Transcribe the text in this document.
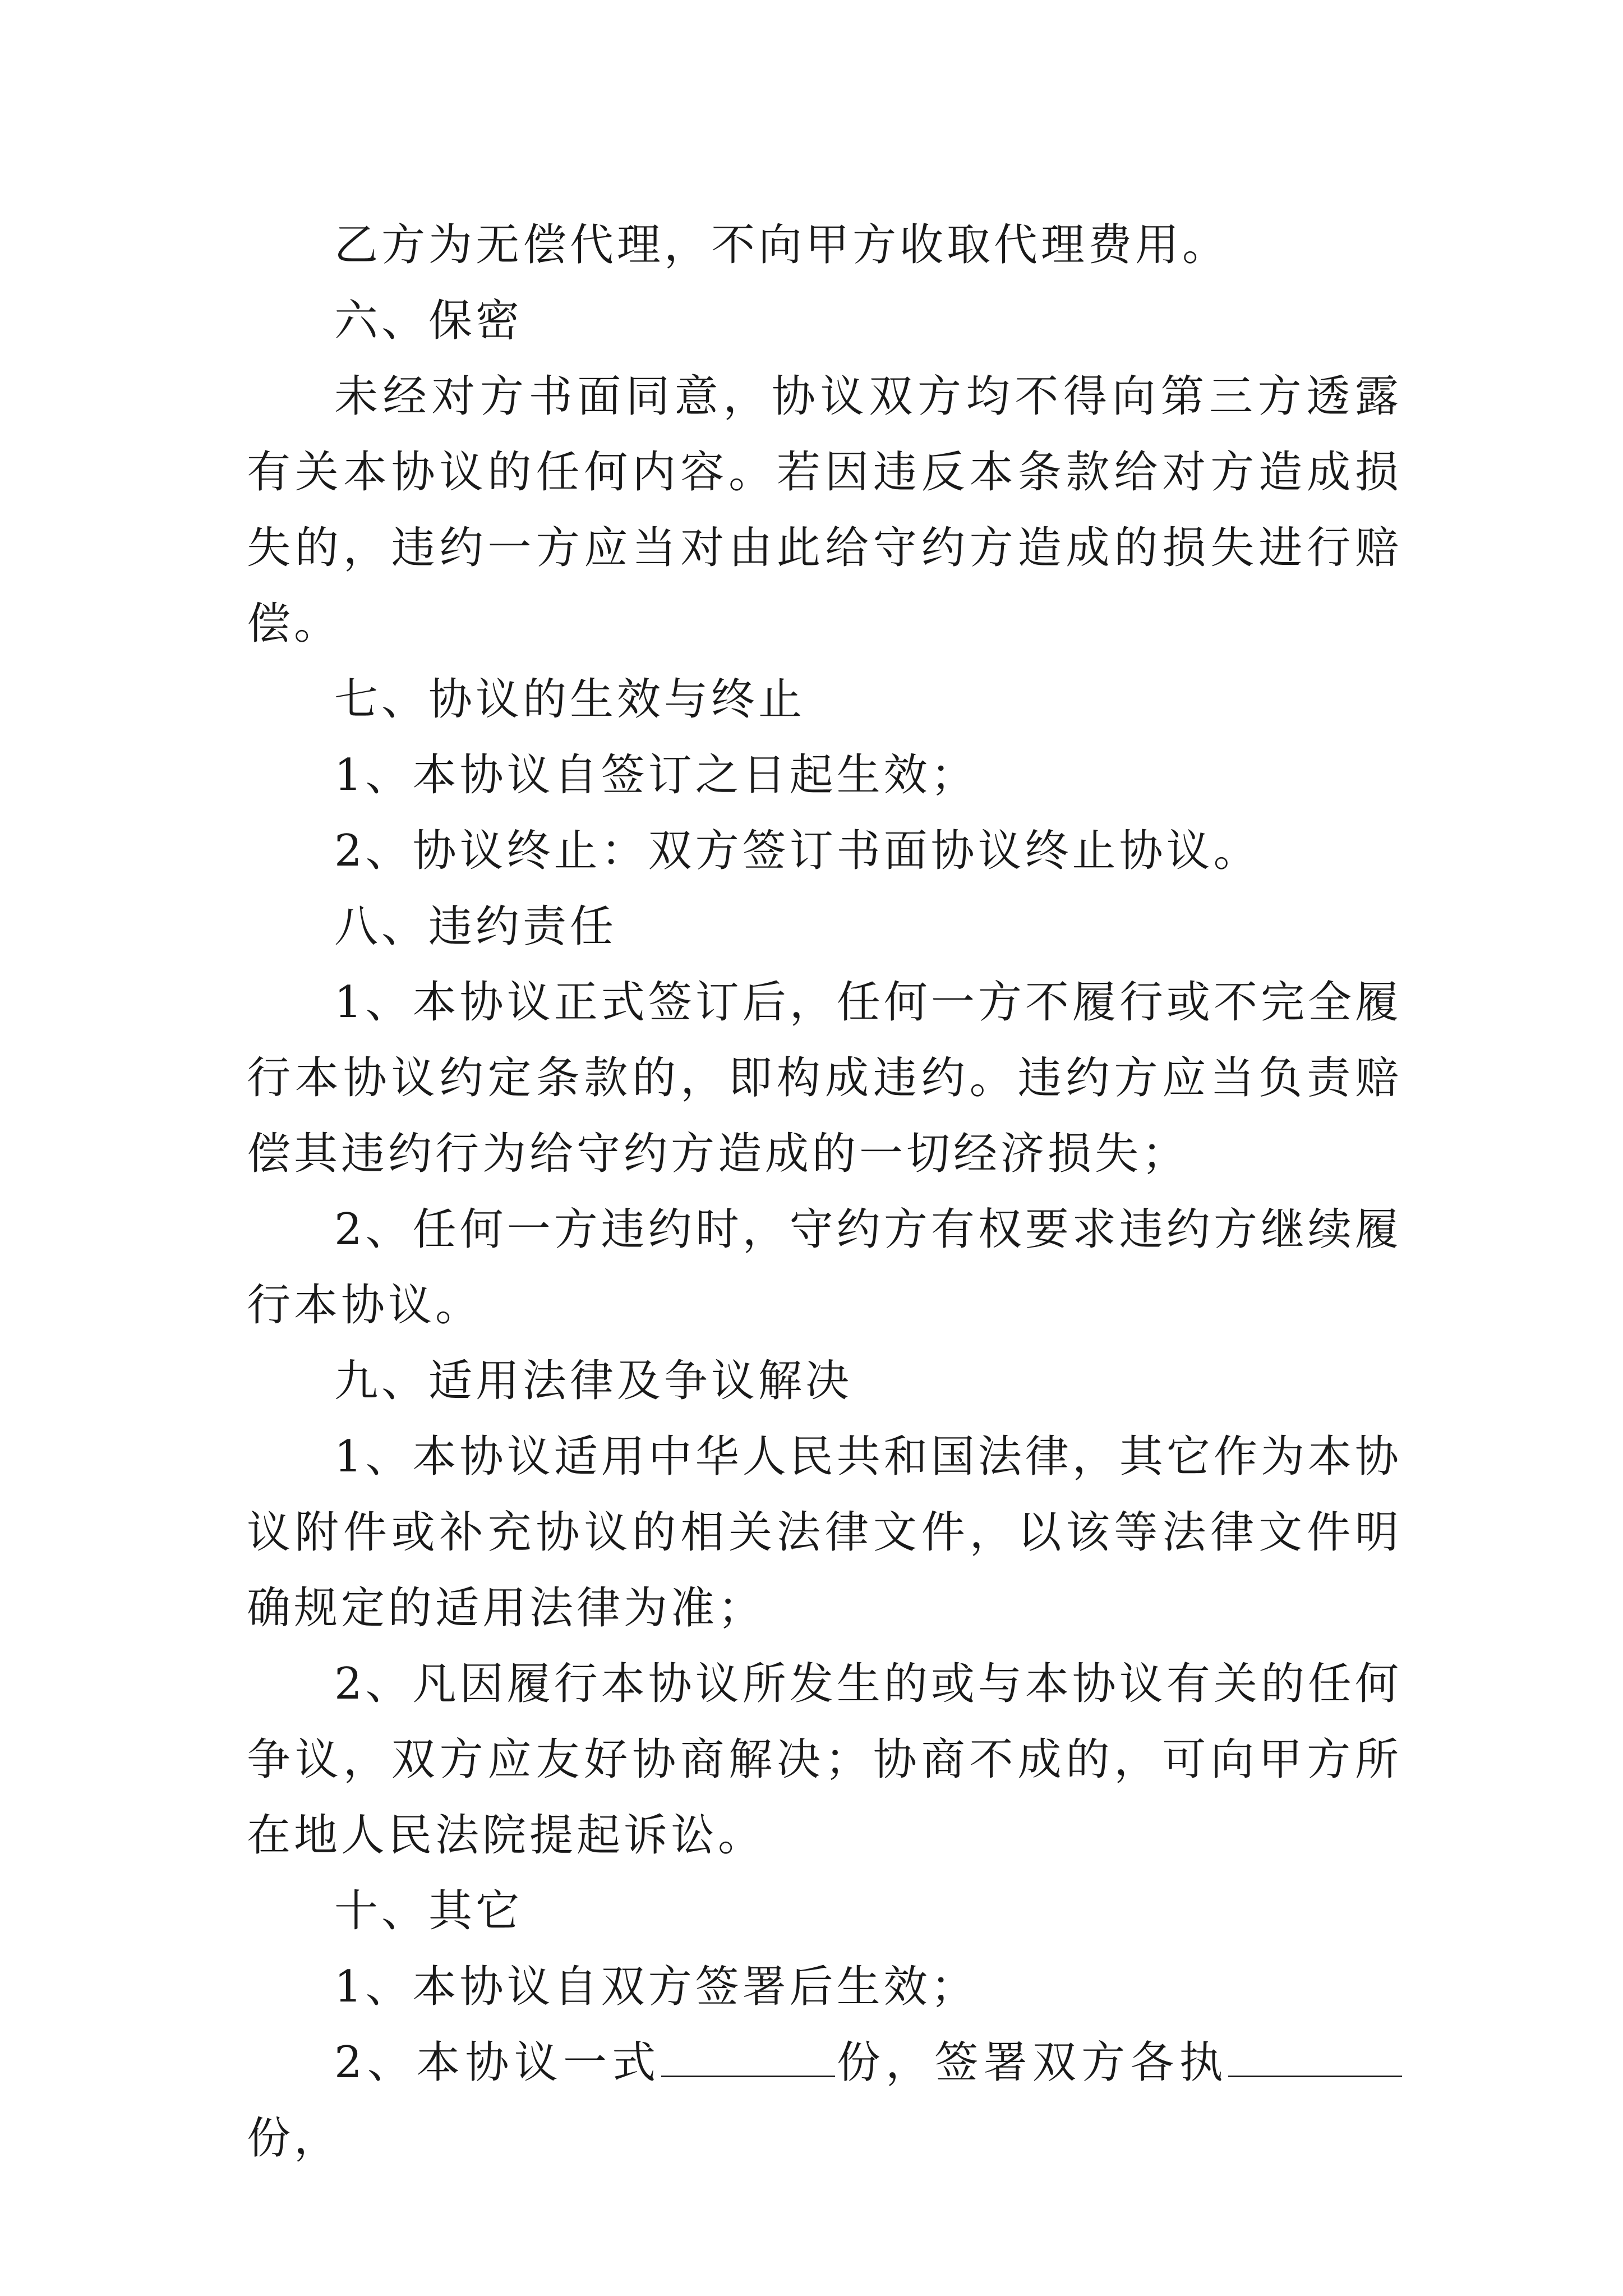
乙方为无偿代理，不向甲方收取代理费用。

六、保密

未经对方书面同意，协议双方均不得向第三方透露有关本协议的任何内容。若因违反本条款给对方造成损失的，违约一方应当对由此给守约方造成的损失进行赔偿。

七、协议的生效与终止

1、本协议自签订之日起生效；

2、协议终止：双方签订书面协议终止协议。

八、违约责任

1、本协议正式签订后，任何一方不履行或不完全履行本协议约定条款的，即构成违约。违约方应当负责赔偿其违约行为给守约方造成的一切经济损失；

2、任何一方违约时，守约方有权要求违约方继续履行本协议。

九、适用法律及争议解决

1、本协议适用中华人民共和国法律，其它作为本协议附件或补充协议的相关法律文件，以该等法律文件明确规定的适用法律为准；

2、凡因履行本协议所发生的或与本协议有关的任何争议，双方应友好协商解决；协商不成的，可向甲方所在地人民法院提起诉讼。

十、其它

1、本协议自双方签署后生效；

2、本协议一式	份，签署双方各执份，
